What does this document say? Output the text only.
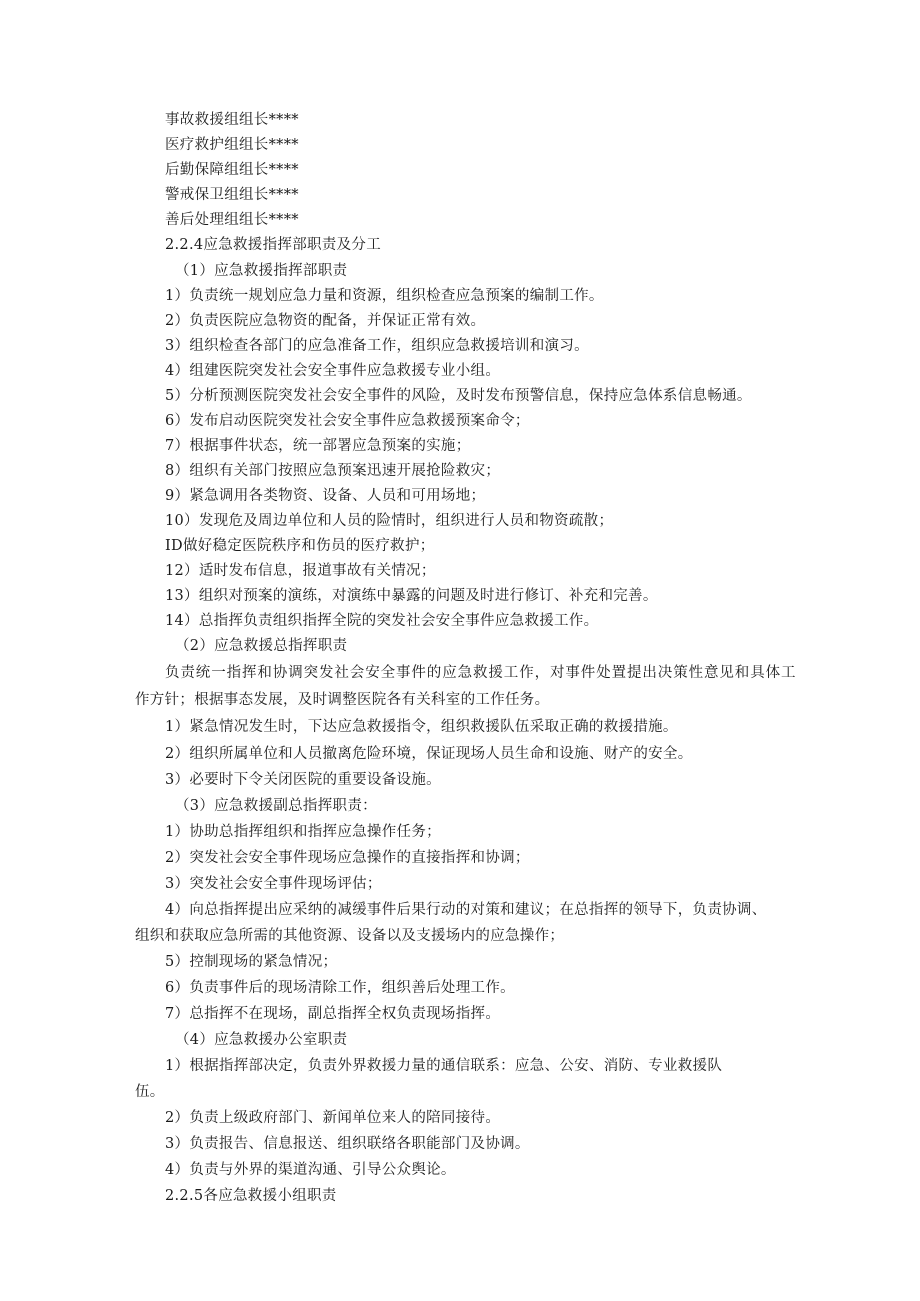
事故救援组组长****
医疗救护组组长****
后勤保障组组长****
警戒保卫组组长****
善后处理组组长****
2.2.4应急救援指挥部职责及分工
（1）应急救援指挥部职责
1）负责统一规划应急力量和资源，组织检查应急预案的编制工作。
2）负责医院应急物资的配备，并保证正常有效。
3）组织检查各部门的应急准备工作，组织应急救援培训和演习。
4）组建医院突发社会安全事件应急救援专业小组。
5）分析预测医院突发社会安全事件的风险，及时发布预警信息，保持应急体系信息畅通。
6）发布启动医院突发社会安全事件应急救援预案命令；
7）根据事件状态，统一部署应急预案的实施；
8）组织有关部门按照应急预案迅速开展抢险救灾；
9）紧急调用各类物资、设备、人员和可用场地；
10）发现危及周边单位和人员的险情时，组织进行人员和物资疏散；
ID做好稳定医院秩序和伤员的医疗救护；
12）适时发布信息，报道事故有关情况；
13）组织对预案的演练，对演练中暴露的问题及时进行修订、补充和完善。
14）总指挥负责组织指挥全院的突发社会安全事件应急救援工作。
（2）应急救援总指挥职责
负责统一指挥和协调突发社会安全事件的应急救援工作，对事件处置提出决策性意见和具体工
作方针；根据事态发展，及时调整医院各有关科室的工作任务。
1）紧急情况发生时，下达应急救援指令，组织救援队伍采取正确的救援措施。
2）组织所属单位和人员撤离危险环境，保证现场人员生命和设施、财产的安全。
3）必要时下令关闭医院的重要设备设施。
（3）应急救援副总指挥职责：
1）协助总指挥组织和指挥应急操作任务；
2）突发社会安全事件现场应急操作的直接指挥和协调；
3）突发社会安全事件现场评估；
4）向总指挥提出应采纳的减缓事件后果行动的对策和建议；在总指挥的领导下，负责协调、
组织和获取应急所需的其他资源、设备以及支援场内的应急操作；
5）控制现场的紧急情况；
6）负责事件后的现场清除工作，组织善后处理工作。
7）总指挥不在现场，副总指挥全权负责现场指挥。
（4）应急救援办公室职责
1）根据指挥部决定，负责外界救援力量的通信联系：应急、公安、消防、专业救援队
伍。
2）负责上级政府部门、新闻单位来人的陪同接待。
3）负责报告、信息报送、组织联络各职能部门及协调。
4）负责与外界的渠道沟通、引导公众舆论。
2.2.5各应急救援小组职责
